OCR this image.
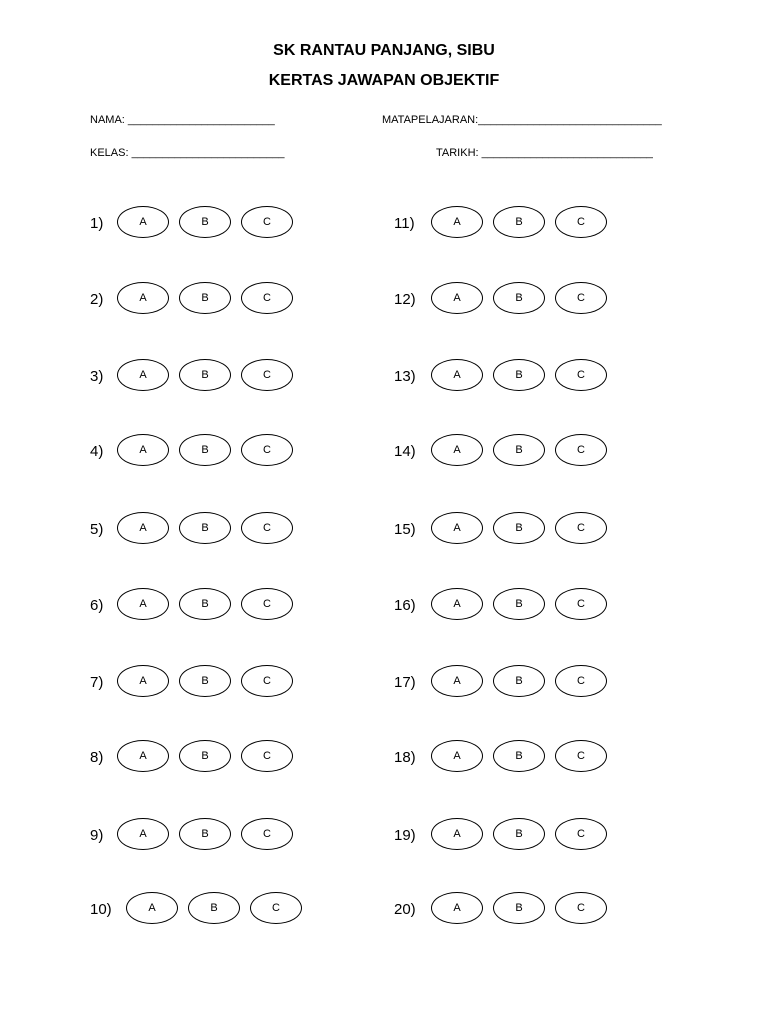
SK RANTAU PANJANG, SIBU
KERTAS JAWAPAN OBJEKTIF
NAMA: ________________________	MATAPELAJARAN:______________________________
KELAS: _________________________	TARIKH: ____________________________
1)	A	B	C
2)	A	B	C
3)	A	B	C
4)	A	B	C
5)	A	B	C
6)	A	B	C
7)	A	B	C
8)	A	B	C
9)	A	B	C
10)	A	B	C
11)	A	B	C
12)	A	B	C
13)	A	B	C
14)	A	B	C
15)	A	B	C
16)	A	B	C
17)	A	B	C
18)	A	B	C
19)	A	B	C
20)	A	B	C
